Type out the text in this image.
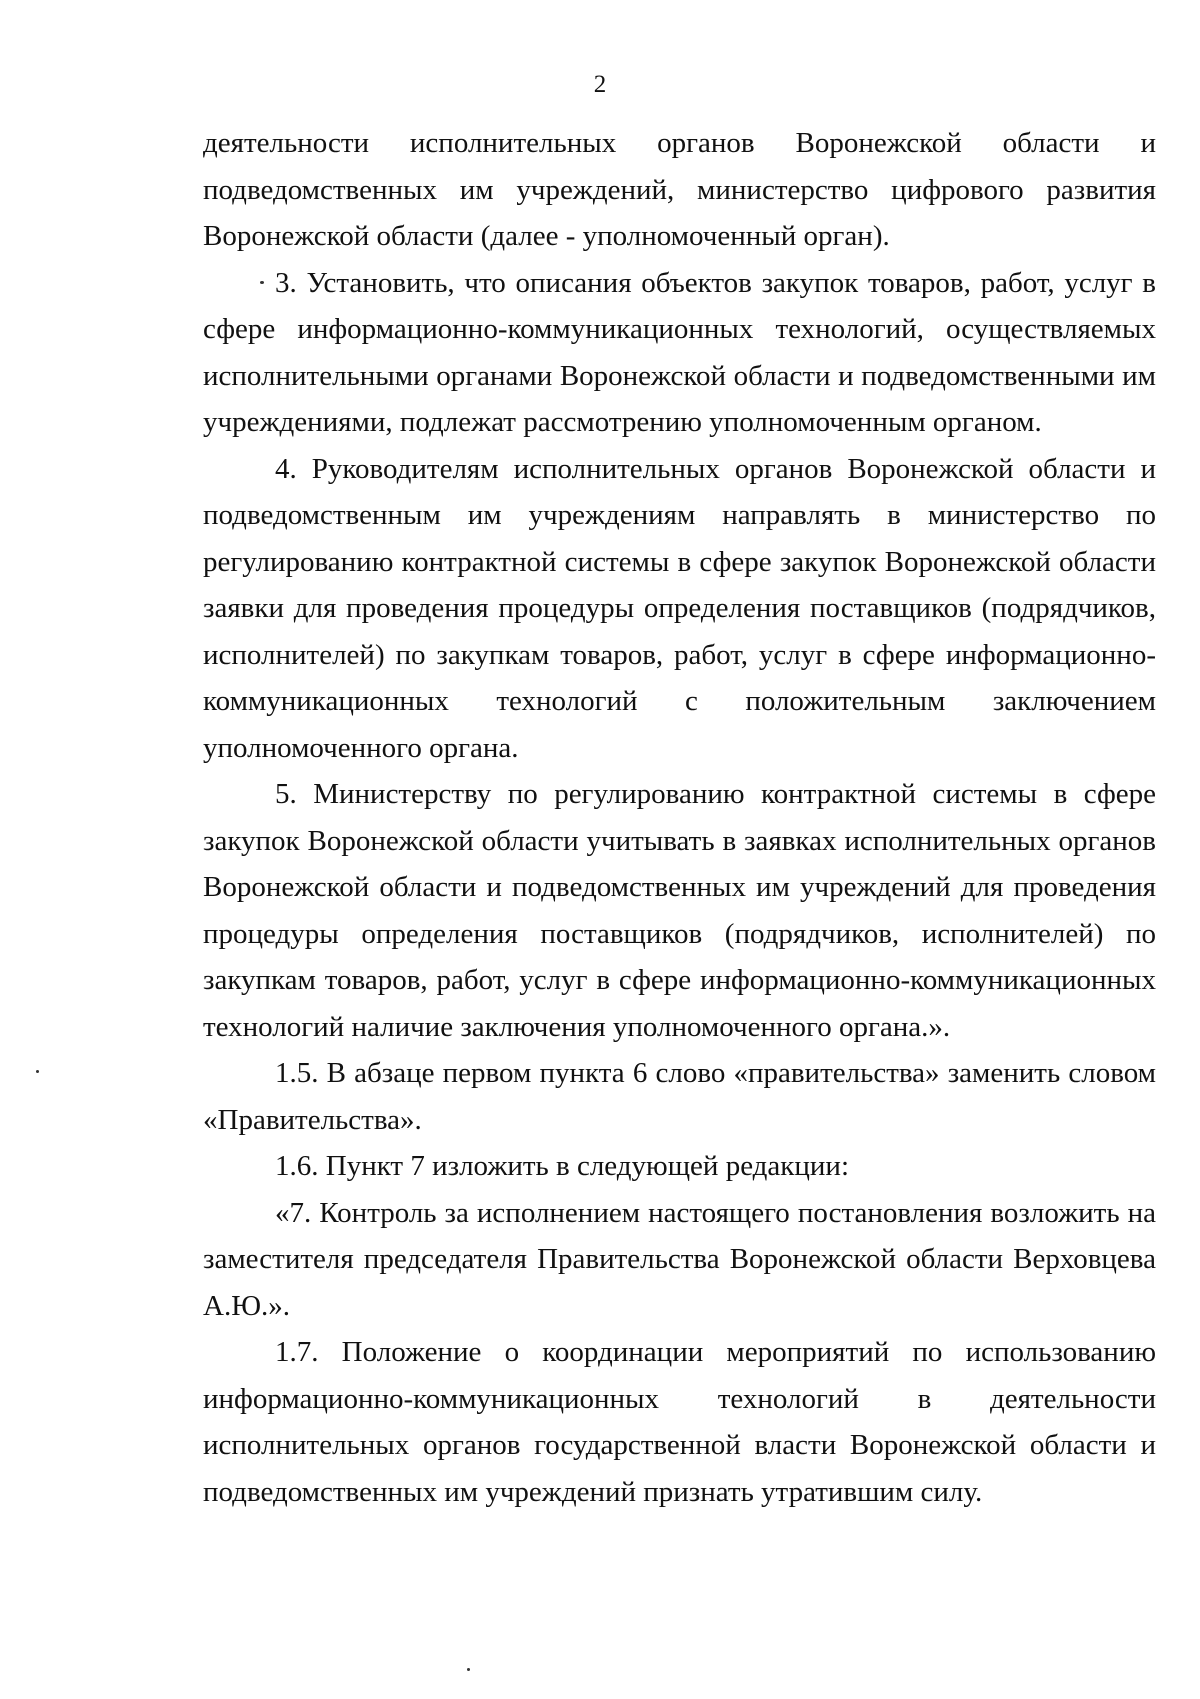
2

деятельности исполнительных органов Воронежской области и подведомственных им учреждений, министерство цифрового развития Воронежской области (далее - уполномоченный орган).

3. Установить, что описания объектов закупок товаров, работ, услуг в сфере информационно-коммуникационных технологий, осуществляемых исполнительными органами Воронежской области и подведомственными им учреждениями, подлежат рассмотрению уполномоченным органом.

4. Руководителям исполнительных органов Воронежской области и подведомственным им учреждениям направлять в министерство по регулированию контрактной системы в сфере закупок Воронежской области заявки для проведения процедуры определения поставщиков (подрядчиков, исполнителей) по закупкам товаров, работ, услуг в сфере информационно-коммуникационных технологий с положительным заключением уполномоченного органа.

5. Министерству по регулированию контрактной системы в сфере закупок Воронежской области учитывать в заявках исполнительных органов Воронежской области и подведомственных им учреждений для проведения процедуры определения поставщиков (подрядчиков, исполнителей) по закупкам товаров, работ, услуг в сфере информационно-коммуникационных технологий наличие заключения уполномоченного органа.».

1.5. В абзаце первом пункта 6 слово «правительства» заменить словом «Правительства».

1.6. Пункт 7 изложить в следующей редакции:

«7. Контроль за исполнением настоящего постановления возложить на заместителя председателя Правительства Воронежской области Верховцева А.Ю.».

1.7. Положение о координации мероприятий по использованию информационно-коммуникационных технологий в деятельности исполнительных органов государственной власти Воронежской области и подведомственных им учреждений признать утратившим силу.
